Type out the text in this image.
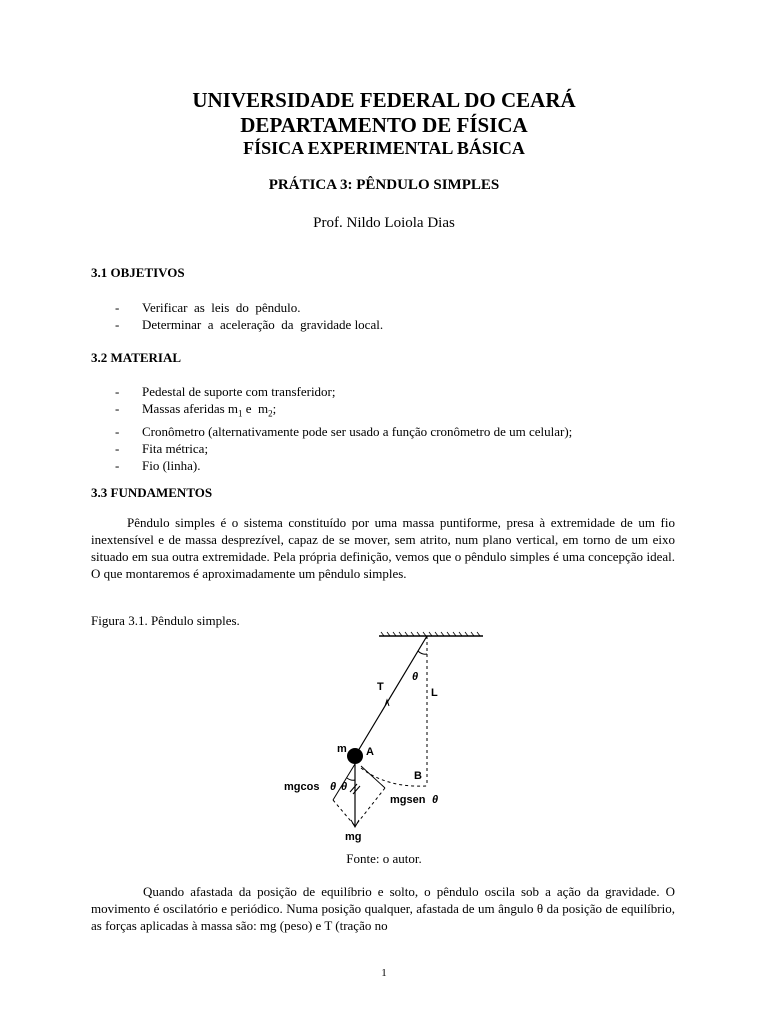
UNIVERSIDADE FEDERAL DO CEARÁ
DEPARTAMENTO DE FÍSICA
FÍSICA EXPERIMENTAL BÁSICA
PRÁTICA 3: PÊNDULO SIMPLES
Prof. Nildo Loiola Dias
3.1 OBJETIVOS
- Verificar  as  leis  do  pêndulo.
- Determinar  a  aceleração  da  gravidade local.
3.2 MATERIAL
- Pedestal de suporte com transferidor;
- Massas aferidas $m_1$ e  $m_2$;
- Cronômetro (alternativamente pode ser usado a função cronômetro de um celular);
- Fita métrica;
- Fio (linha).
3.3 FUNDAMENTOS
Pêndulo simples é o sistema constituído por uma massa puntiforme, presa à extremidade de um fio inextensível e de massa desprezível, capaz de se mover, sem atrito, num plano vertical, em torno de um eixo situado em sua outra extremidade. Pela própria definição, vemos que o pêndulo simples é uma concepção ideal. O que montaremos é aproximadamente um pêndulo simples.
Figura 3.1. Pêndulo simples.
T
θ
L
m A
B
mgcos θ θ
mgsen θ
mg
Fonte: o autor.
Quando afastada da posição de equilíbrio e solto, o pêndulo oscila sob a ação da gravidade. O movimento é oscilatório e periódico. Numa posição qualquer, afastada de um ângulo θ da posição de equilíbrio, as forças aplicadas à massa são: mg (peso) e T (tração no
1
